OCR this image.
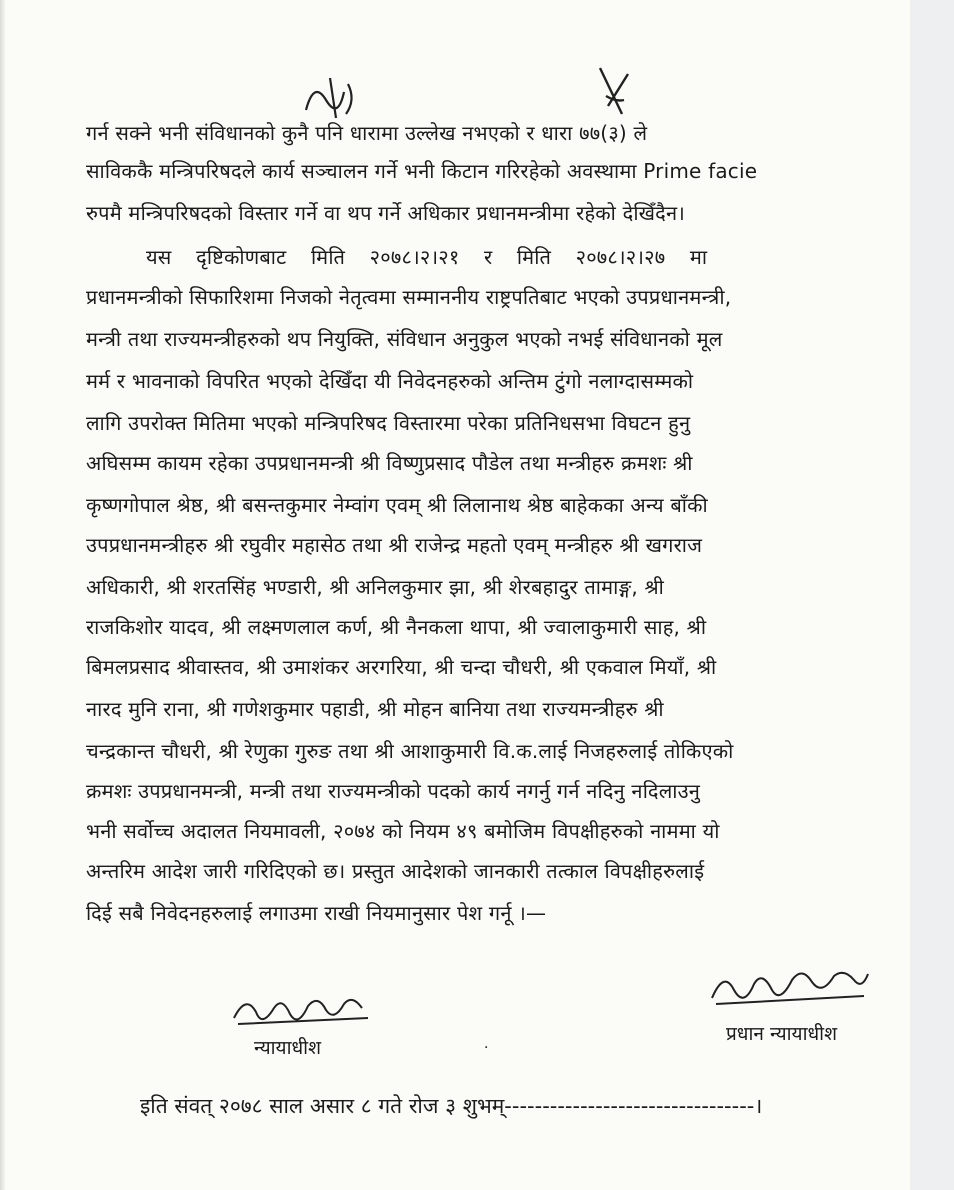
गर्न सक्ने भनी संविधानको कुनै पनि धारामा उल्लेख नभएको र धारा ७७(३) ले
साविककै मन्त्रिपरिषदले कार्य सञ्चालन गर्ने भनी किटान गरिरहेको अवस्थामा Prime facie
रुपमै मन्त्रिपरिषदको विस्तार गर्ने वा थप गर्ने अधिकार प्रधानमन्त्रीमा रहेको देखिँदैन।
यस दृष्टिकोणबाट मिति २०७८।२।२१ र मिति २०७८।२।२७ मा
प्रधानमन्त्रीको सिफारिशमा निजको नेतृत्वमा सम्माननीय राष्ट्रपतिबाट भएको उपप्रधानमन्त्री,
मन्त्री तथा राज्यमन्त्रीहरुको थप नियुक्ति, संविधान अनुकुल भएको नभई संविधानको मूल
मर्म र भावनाको विपरित भएको देखिँदा यी निवेदनहरुको अन्तिम टुंगो नलाग्दासम्मको
लागि उपरोक्त मितिमा भएको मन्त्रिपरिषद विस्तारमा परेका प्रतिनिधसभा विघटन हुनु
अघिसम्म कायम रहेका उपप्रधानमन्त्री श्री विष्णुप्रसाद पौडेल तथा मन्त्रीहरु क्रमशः श्री
कृष्णगोपाल श्रेष्ठ, श्री बसन्तकुमार नेम्वांग एवम् श्री लिलानाथ श्रेष्ठ बाहेकका अन्य बाँकी
उपप्रधानमन्त्रीहरु श्री रघुवीर महासेठ तथा श्री राजेन्द्र महतो एवम् मन्त्रीहरु श्री खगराज
अधिकारी, श्री शरतसिंह भण्डारी, श्री अनिलकुमार झा, श्री शेरबहादुर तामाङ्ग, श्री
राजकिशोर यादव, श्री लक्ष्मणलाल कर्ण, श्री नैनकला थापा, श्री ज्वालाकुमारी साह, श्री
बिमलप्रसाद श्रीवास्तव, श्री उमाशंकर अरगरिया, श्री चन्दा चौधरी, श्री एकवाल मियाँ, श्री
नारद मुनि राना, श्री गणेशकुमार पहाडी, श्री मोहन बानिया तथा राज्यमन्त्रीहरु श्री
चन्द्रकान्त चौधरी, श्री रेणुका गुरुङ तथा श्री आशाकुमारी वि.क.लाई निजहरुलाई तोकिएको
क्रमशः उपप्रधानमन्त्री, मन्त्री तथा राज्यमन्त्रीको पदको कार्य नगर्नु गर्न नदिनु नदिलाउनु
भनी सर्वोच्च अदालत नियमावली, २०७४ को नियम ४९ बमोजिम विपक्षीहरुको नाममा यो
अन्तरिम आदेश जारी गरिदिएको छ। प्रस्तुत आदेशको जानकारी तत्काल विपक्षीहरुलाई
दिई सबै निवेदनहरुलाई लगाउमा राखी नियमानुसार पेश गर्नू ।—
न्यायाधीश
प्रधान न्यायाधीश
·
इति संवत् २०७८ साल असार ८ गते रोज ३ शुभम्---------------------------------।
